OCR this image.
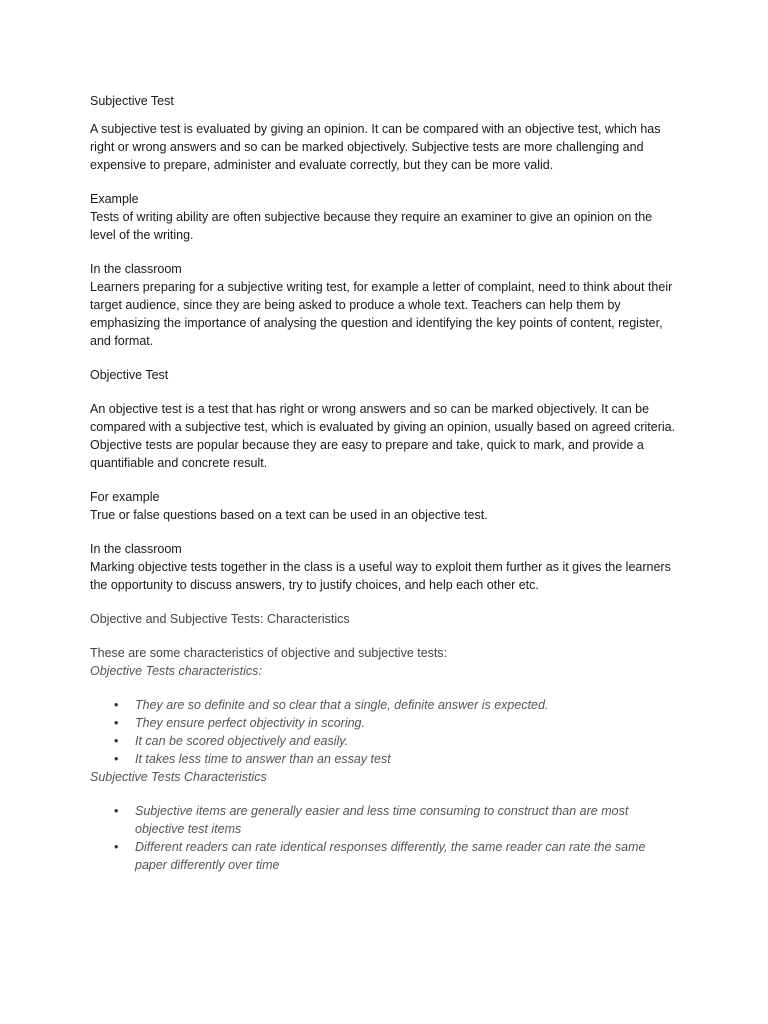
Subjective Test

A subjective test is evaluated by giving an opinion. It can be compared with an objective test, which has right or wrong answers and so can be marked objectively. Subjective tests are more challenging and expensive to prepare, administer and evaluate correctly, but they can be more valid.

Example

Tests of writing ability are often subjective because they require an examiner to give an opinion on the level of the writing.

In the classroom

Learners preparing for a subjective writing test, for example a letter of complaint, need to think about their target audience, since they are being asked to produce a whole text. Teachers can help them by emphasizing the importance of analysing the question and identifying the key points of content, register, and format.

Objective Test

An objective test is a test that has right or wrong answers and so can be marked objectively. It can be compared with a subjective test, which is evaluated by giving an opinion, usually based on agreed criteria. Objective tests are popular because they are easy to prepare and take, quick to mark, and provide a quantifiable and concrete result.

For example

True or false questions based on a text can be used in an objective test.

In the classroom

Marking objective tests together in the class is a useful way to exploit them further as it gives the learners the opportunity to discuss answers, try to justify choices, and help each other etc.

Objective and Subjective Tests: Characteristics

These are some characteristics of objective and subjective tests:

Objective Tests characteristics:

• They are so definite and so clear that a single, definite answer is expected.
• They ensure perfect objectivity in scoring.
• It can be scored objectively and easily.
• It takes less time to answer than an essay test

Subjective Tests Characteristics

• Subjective items are generally easier and less time consuming to construct than are most objective test items
• Different readers can rate identical responses differently, the same reader can rate the same paper differently over time
